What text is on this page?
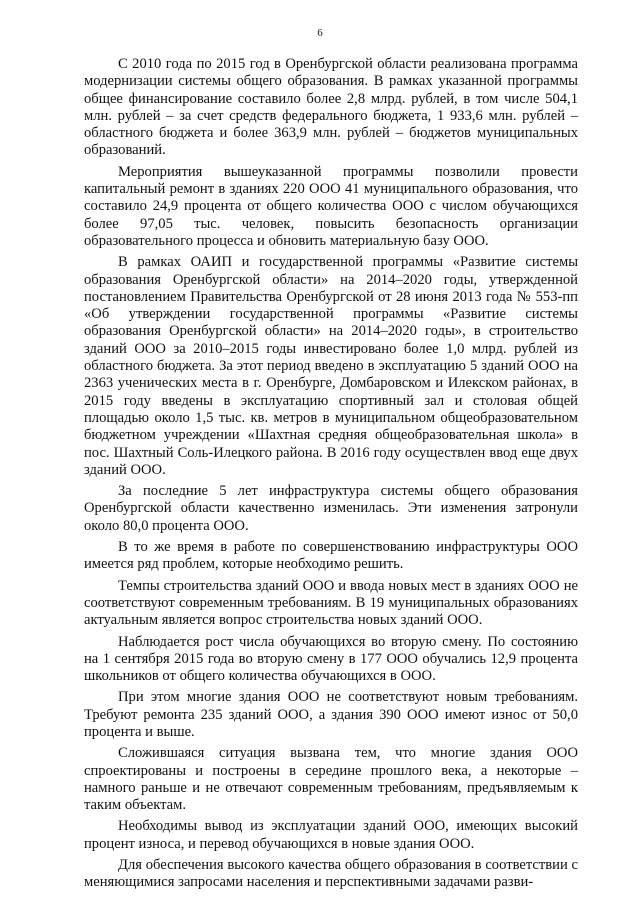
6

С 2010 года по 2015 год в Оренбургской области реализована программа модернизации системы общего образования. В рамках указанной программы общее финансирование составило более 2,8 млрд. рублей, в том числе 504,1 млн. рублей – за счет средств федерального бюджета, 1 933,6 млн. рублей – областного бюджета и более 363,9 млн. рублей – бюджетов муниципальных образований.

Мероприятия вышеуказанной программы позволили провести капитальный ремонт в зданиях 220 ООО 41 муниципального образования, что составило 24,9 процента от общего количества ООО с числом обучающихся более 97,05 тыс. человек, повысить безопасность организации образовательного процесса и обновить материальную базу ООО.

В рамках ОАИП и государственной программы «Развитие системы образования Оренбургской области» на 2014–2020 годы, утвержденной постановлением Правительства Оренбургской от 28 июня 2013 года № 553-пп «Об утверждении государственной программы «Развитие системы образования Оренбургской области» на 2014–2020 годы», в строительство зданий ООО за 2010–2015 годы инвестировано более 1,0 млрд. рублей из областного бюджета. За этот период введено в эксплуатацию 5 зданий ООО на 2363 ученических места в г. Оренбурге, Домбаровском и Илекском районах, в 2015 году введены в эксплуатацию спортивный зал и столовая общей площадью около 1,5 тыс. кв. метров в муниципальном общеобразовательном бюджетном учреждении «Шахтная средняя общеобразовательная школа» в пос. Шахтный Соль-Илецкого района. В 2016 году осуществлен ввод еще двух зданий ООО.

За последние 5 лет инфраструктура системы общего образования Оренбургской области качественно изменилась. Эти изменения затронули около 80,0 процента ООО.

В то же время в работе по совершенствованию инфраструктуры ООО имеется ряд проблем, которые необходимо решить.

Темпы строительства зданий ООО и ввода новых мест в зданиях ООО не соответствуют современным требованиям. В 19 муниципальных образованиях актуальным является вопрос строительства новых зданий ООО.

Наблюдается рост числа обучающихся во вторую смену. По состоянию на 1 сентября 2015 года во вторую смену в 177 ООО обучались 12,9 процента школьников от общего количества обучающихся в ООО.

При этом многие здания ООО не соответствуют новым требованиям. Требуют ремонта 235 зданий ООО, а здания 390 ООО имеют износ от 50,0 процента и выше.

Сложившаяся ситуация вызвана тем, что многие здания ООО спроектированы и построены в середине прошлого века, а некоторые – намного раньше и не отвечают современным требованиям, предъявляемым к таким объектам.

Необходимы вывод из эксплуатации зданий ООО, имеющих высокий процент износа, и перевод обучающихся в новые здания ООО.

Для обеспечения высокого качества общего образования в соответствии с меняющимися запросами населения и перспективными задачами разви-
